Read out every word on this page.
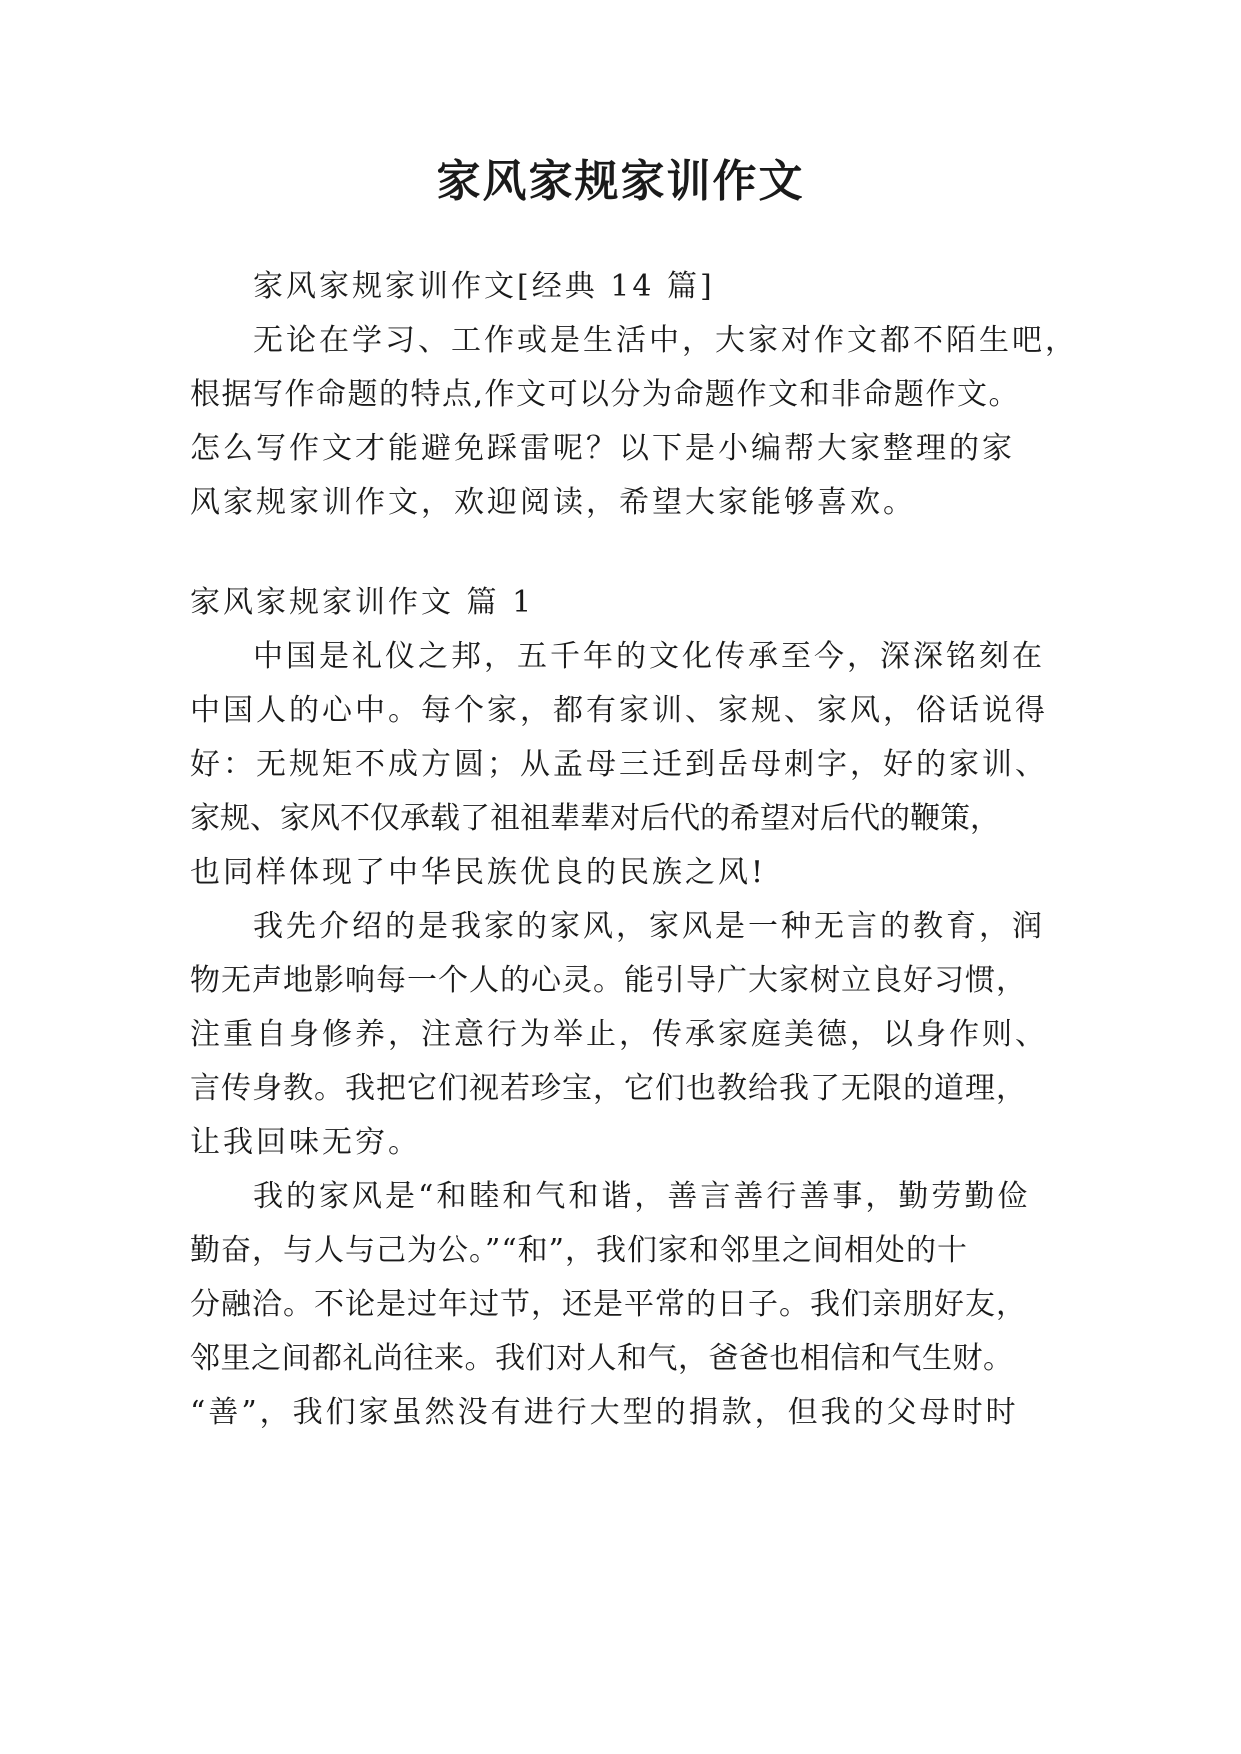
家风家规家训作文
家风家规家训作文[经典 14 篇]
无论在学习、工作或是生活中，大家对作文都不陌生吧，
根据写作命题的特点,作文可以分为命题作文和非命题作文。
怎么写作文才能避免踩雷呢？以下是小编帮大家整理的家
风家规家训作文，欢迎阅读，希望大家能够喜欢。
家风家规家训作文 篇 1
中国是礼仪之邦，五千年的文化传承至今，深深铭刻在
中国人的心中。每个家，都有家训、家规、家风，俗话说得
好：无规矩不成方圆；从孟母三迁到岳母刺字，好的家训、
家规、家风不仅承载了祖祖辈辈对后代的希望对后代的鞭策，
也同样体现了中华民族优良的民族之风!
我先介绍的是我家的家风，家风是一种无言的教育，润
物无声地影响每一个人的心灵。能引导广大家树立良好习惯，
注重自身修养，注意行为举止，传承家庭美德，以身作则、
言传身教。我把它们视若珍宝，它们也教给我了无限的道理，
让我回味无穷。
我的家风是“和睦和气和谐，善言善行善事，勤劳勤俭
勤奋，与人与己为公。”“和”，我们家和邻里之间相处的十
分融洽。不论是过年过节，还是平常的日子。我们亲朋好友，
邻里之间都礼尚往来。我们对人和气，爸爸也相信和气生财。
“善”，我们家虽然没有进行大型的捐款，但我的父母时时
